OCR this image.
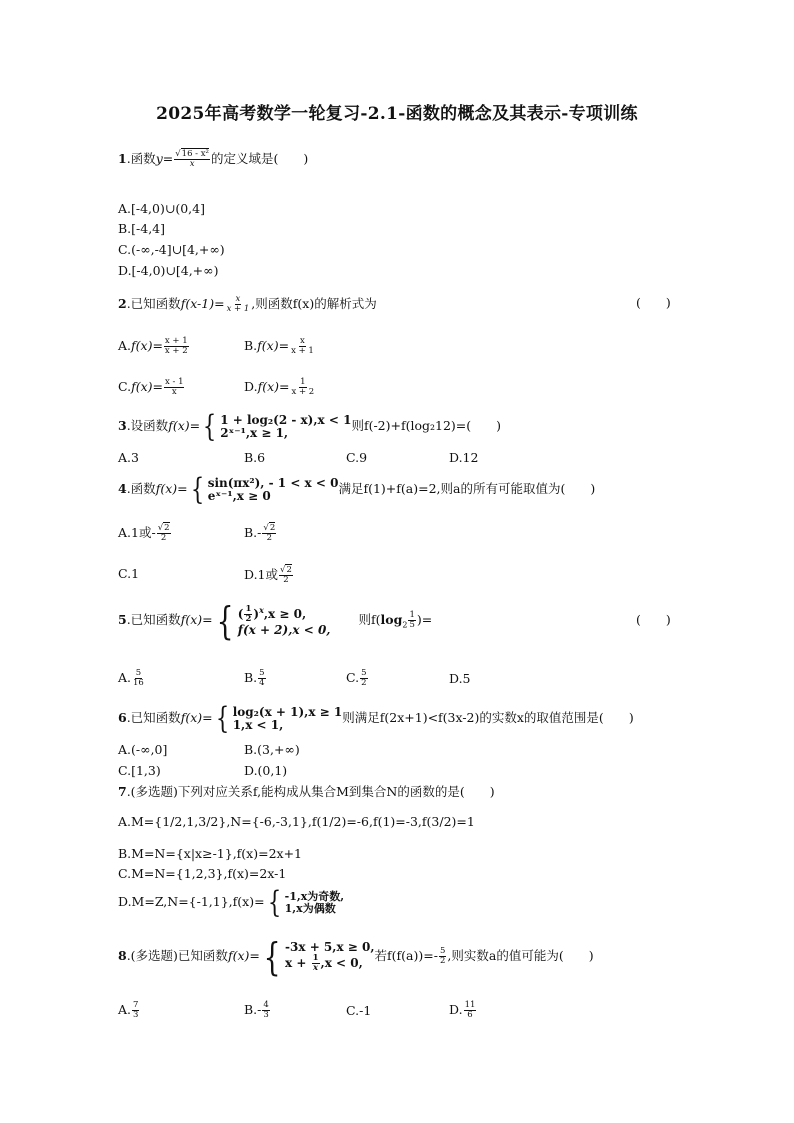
2025年高考数学一轮复习-2.1-函数的概念及其表示-专项训练
1.函数$y= \frac{\text{√16 - x²}}{x}$ 的定义域是(　　)
A.[-4,0)∪(0,4]
B.[-4,4]
C.(-∞,-4]∪[4,+∞)
D.[-4,0)∪[4,+∞)
2.已知函数$f(x-1)= \frac{x}{x + 1}$ ,则函数f(x)的解析式为	(　　)
$A.f(x)= \frac{x + 1}{x + 2}$	$B.f(x)= \frac{x}{x + 1}$
$C.f(x)= \frac{x - 1}{x}$	$D.f(x)= \frac{1}{x + 2}$
3.设函数f(x)= { 1 + log₂(2 - x),x < 1
2ˣ⁻¹,x ≥ 1,	则f(-2)+f(log₂12)=(　　)
A.3	B.6	C.9	D.12
4.函数f(x)= { sin(πx²), - 1 < x < 0
eˣ⁻¹,x ≥ 0	满足f(1)+f(a)=2,则a的所有可能取值为(　　)
A.1或- $\frac{√2}{2}$	$B.- \frac{√2}{2}$
C.1	D.1或 $\frac{√2}{2}$
5.已知函数f(x)= { ( $\frac{1}{2} )^x,x \ge 0$,
f(x + 2),x < 0,
则$f(\log_2 \frac{1}{5}$ )=	(　　)
A. $\frac{5}{16}$	B. $\frac{5}{4}$	C. $\frac{5}{2}$	D.5
6.已知函数f(x)= { log₂(x + 1),x ≥ 1
1,x < 1,	则满足f(2x+1)<f(3x-2)的实数x的取值范围是(　　)
A.(-∞,0]	B.(3,+∞)
C.[1,3)	D.(0,1)
7.(多选题)下列对应关系f,能构成从集合M到集合N的函数的是(　　)
A.M={1/2,1,3/2},N={-6,-3,1},f(1/2)=-6,f(1)=-3,f(3/2)=1
B.M=N={x|x≥-1},f(x)=2x+1
C.M=N={1,2,3},f(x)=2x-1
D.M=Z,N={-1,1},f(x)= { -1,x为奇数,
1,x为偶数
8.(多选题)已知函数f(x)= { -3x + 5,x ≥ 0,
$x + \frac{1}{x} ,x < 0$, 若$f(f(a))=- \frac{5}{2}$ ,则实数a的值可能为(　　)
A. $\frac{7}{3}$	$B.- \frac{4}{3}$	C.-1	D. $\frac{11}{6}$
